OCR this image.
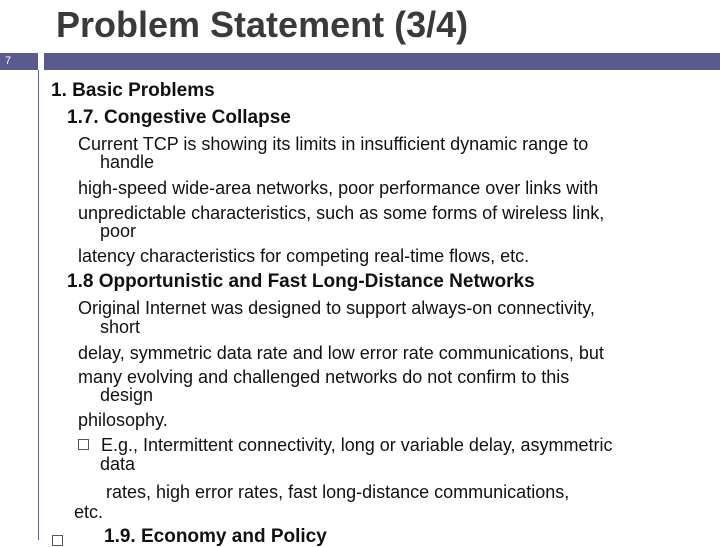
Problem Statement (3/4)
7
1. Basic Problems
1.7. Congestive Collapse
Current TCP is showing its limits in insufficient dynamic range to
handle
high-speed wide-area networks, poor performance over links with
unpredictable characteristics, such as some forms of wireless link,
poor
latency characteristics for competing real-time flows, etc.
1.8 Opportunistic and Fast Long-Distance Networks
Original Internet was designed to support always-on connectivity,
short
delay, symmetric data rate and low error rate communications, but
many evolving and challenged networks do not confirm to this
design
philosophy.
E.g., Intermittent connectivity, long or variable delay, asymmetric
data
rates, high error rates, fast long-distance communications,
etc.
1.9. Economy and Policy
